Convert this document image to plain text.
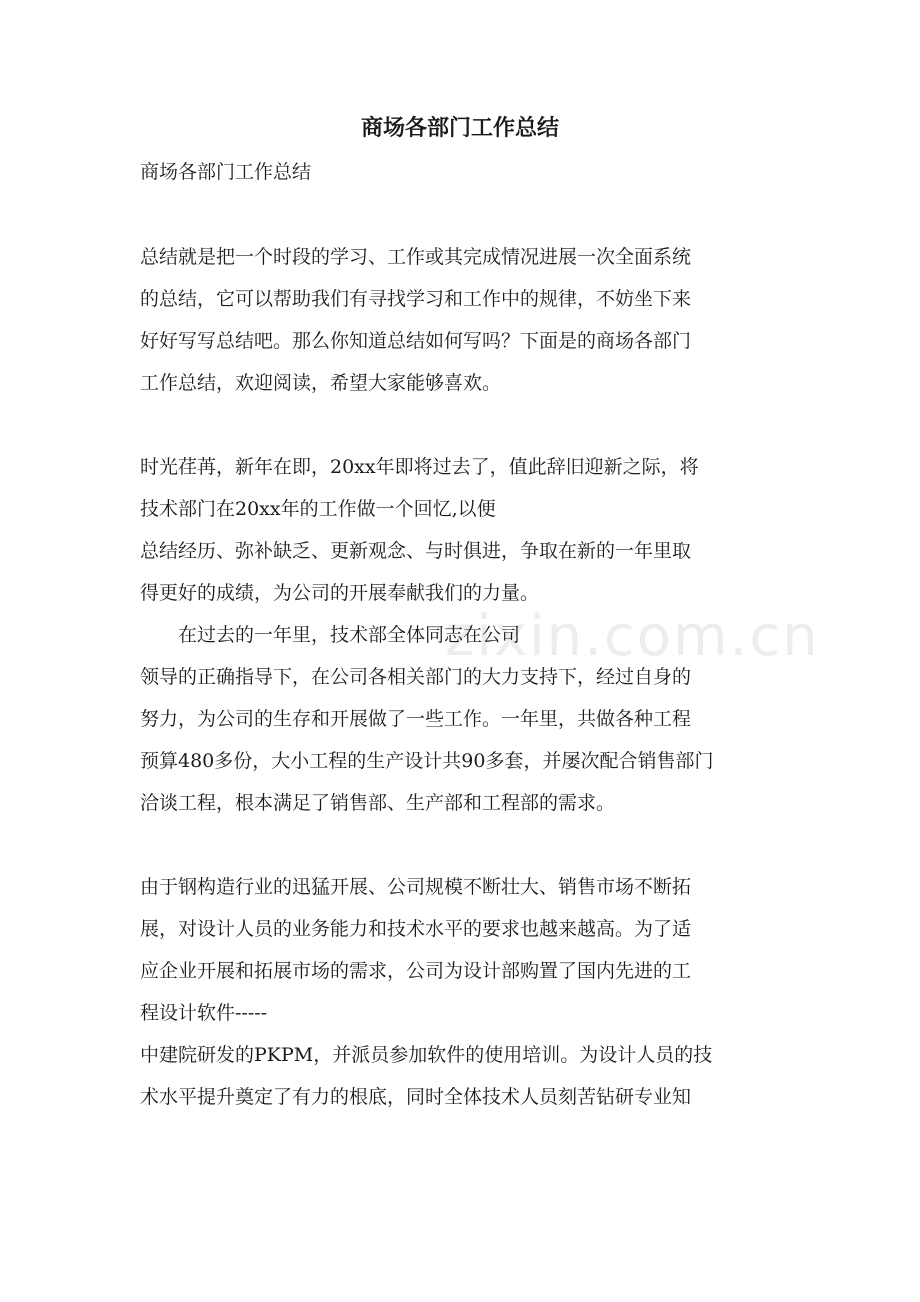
商场各部门工作总结

商场各部门工作总结

总结就是把一个时段的学习、工作或其完成情况进展一次全面系统

的总结，它可以帮助我们有寻找学习和工作中的规律，不妨坐下来

好好写写总结吧。那么你知道总结如何写吗？下面是的商场各部门

工作总结，欢迎阅读，希望大家能够喜欢。

时光荏苒，新年在即，20xx年即将过去了，值此辞旧迎新之际，将

技术部门在20xx年的工作做一个回忆,以便

总结经历、弥补缺乏、更新观念、与时俱进，争取在新的一年里取

得更好的成绩，为公司的开展奉献我们的力量。

　　在过去的一年里，技术部全体同志在公司

领导的正确指导下，在公司各相关部门的大力支持下，经过自身的

努力，为公司的生存和开展做了一些工作。一年里，共做各种工程

预算480多份，大小工程的生产设计共90多套，并屡次配合销售部门

洽谈工程，根本满足了销售部、生产部和工程部的需求。

由于钢构造行业的迅猛开展、公司规模不断壮大、销售市场不断拓

展，对设计人员的业务能力和技术水平的要求也越来越高。为了适

应企业开展和拓展市场的需求，公司为设计部购置了国内先进的工

程设计软件-----

中建院研发的PKPM，并派员参加软件的使用培训。为设计人员的技

术水平提升奠定了有力的根底，同时全体技术人员刻苦钻研专业知

zixin.com.cn
